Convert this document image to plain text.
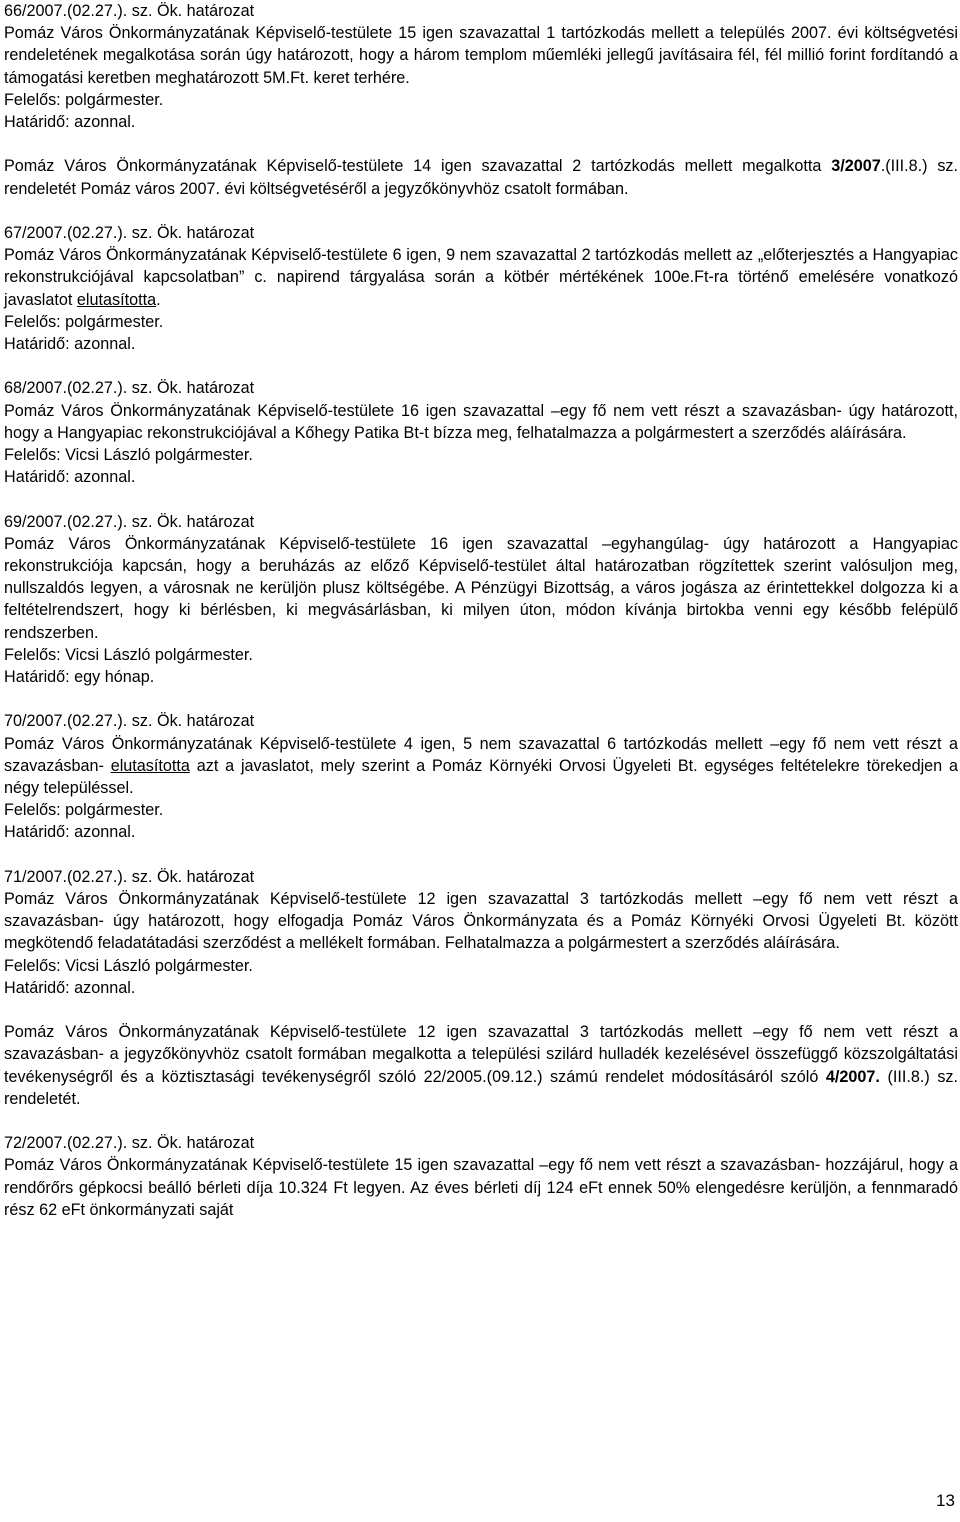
66/2007.(02.27.). sz. Ök. határozat

Pomáz Város Önkormányzatának Képviselő-testülete 15 igen szavazattal 1 tartózkodás mellett a település 2007. évi költségvetési rendeletének megalkotása során úgy határozott, hogy a három templom műemléki jellegű javításaira fél, fél millió forint fordítandó a támogatási keretben meghatározott 5M.Ft. keret terhére.

Felelős: polgármester.

Határidő: azonnal.

Pomáz Város Önkormányzatának Képviselő-testülete 14 igen szavazattal 2 tartózkodás mellett megalkotta 3/2007.(III.8.) sz. rendeletét Pomáz város 2007. évi költségvetéséről a jegyzőkönyvhöz csatolt formában.

67/2007.(02.27.). sz. Ök. határozat

Pomáz Város Önkormányzatának Képviselő-testülete 6 igen, 9 nem szavazattal 2 tartózkodás mellett az „előterjesztés a Hangyapiac rekonstrukciójával kapcsolatban” c. napirend tárgyalása során a kötbér mértékének 100e.Ft-ra történő emelésére vonatkozó javaslatot elutasította.

Felelős: polgármester.

Határidő: azonnal.

68/2007.(02.27.). sz. Ök. határozat

Pomáz Város Önkormányzatának Képviselő-testülete 16 igen szavazattal –egy fő nem vett részt a szavazásban- úgy határozott, hogy a Hangyapiac rekonstrukciójával a Kőhegy Patika Bt-t bízza meg, felhatalmazza a polgármestert a szerződés aláírására.

Felelős: Vicsi László polgármester.

Határidő: azonnal.

69/2007.(02.27.). sz. Ök. határozat

Pomáz Város Önkormányzatának Képviselő-testülete 16 igen szavazattal –egyhangúlag- úgy határozott a Hangyapiac rekonstrukciója kapcsán, hogy a beruházás az előző Képviselő-testület által határozatban rögzítettek szerint valósuljon meg, nullszaldós legyen, a városnak ne kerüljön plusz költségébe. A Pénzügyi Bizottság, a város jogásza az érintettekkel dolgozza ki a feltételrendszert, hogy ki bérlésben, ki megvásárlásban, ki milyen úton, módon kívánja birtokba venni egy később felépülő rendszerben.

Felelős: Vicsi László polgármester.

Határidő: egy hónap.

70/2007.(02.27.). sz. Ök. határozat

Pomáz Város Önkormányzatának Képviselő-testülete 4 igen, 5 nem szavazattal 6 tartózkodás mellett –egy fő nem vett részt a szavazásban- elutasította azt a javaslatot, mely szerint a Pomáz Környéki Orvosi Ügyeleti Bt. egységes feltételekre törekedjen a négy településsel.

Felelős: polgármester.

Határidő: azonnal.

71/2007.(02.27.). sz. Ök. határozat

Pomáz Város Önkormányzatának Képviselő-testülete 12 igen szavazattal 3 tartózkodás mellett –egy fő nem vett részt a szavazásban- úgy határozott, hogy elfogadja Pomáz Város Önkormányzata és a Pomáz Környéki Orvosi Ügyeleti Bt. között megkötendő feladatátadási szerződést a mellékelt formában. Felhatalmazza a polgármestert a szerződés aláírására.

Felelős: Vicsi László polgármester.

Határidő: azonnal.

Pomáz Város Önkormányzatának Képviselő-testülete 12 igen szavazattal 3 tartózkodás mellett –egy fő nem vett részt a szavazásban- a jegyzőkönyvhöz csatolt formában megalkotta a települési szilárd hulladék kezelésével összefüggő közszolgáltatási tevékenységről és a köztisztasági tevékenységről szóló 22/2005.(09.12.) számú rendelet módosításáról szóló 4/2007. (III.8.) sz. rendeletét.

72/2007.(02.27.). sz. Ök. határozat

Pomáz Város Önkormányzatának Képviselő-testülete 15 igen szavazattal –egy fő nem vett részt a szavazásban- hozzájárul, hogy a rendőrőrs gépkocsi beálló bérleti díja 10.324 Ft legyen. Az éves bérleti díj 124 eFt ennek 50% elengedésre kerüljön, a fennmaradó rész 62 eFt önkormányzati saját

13
